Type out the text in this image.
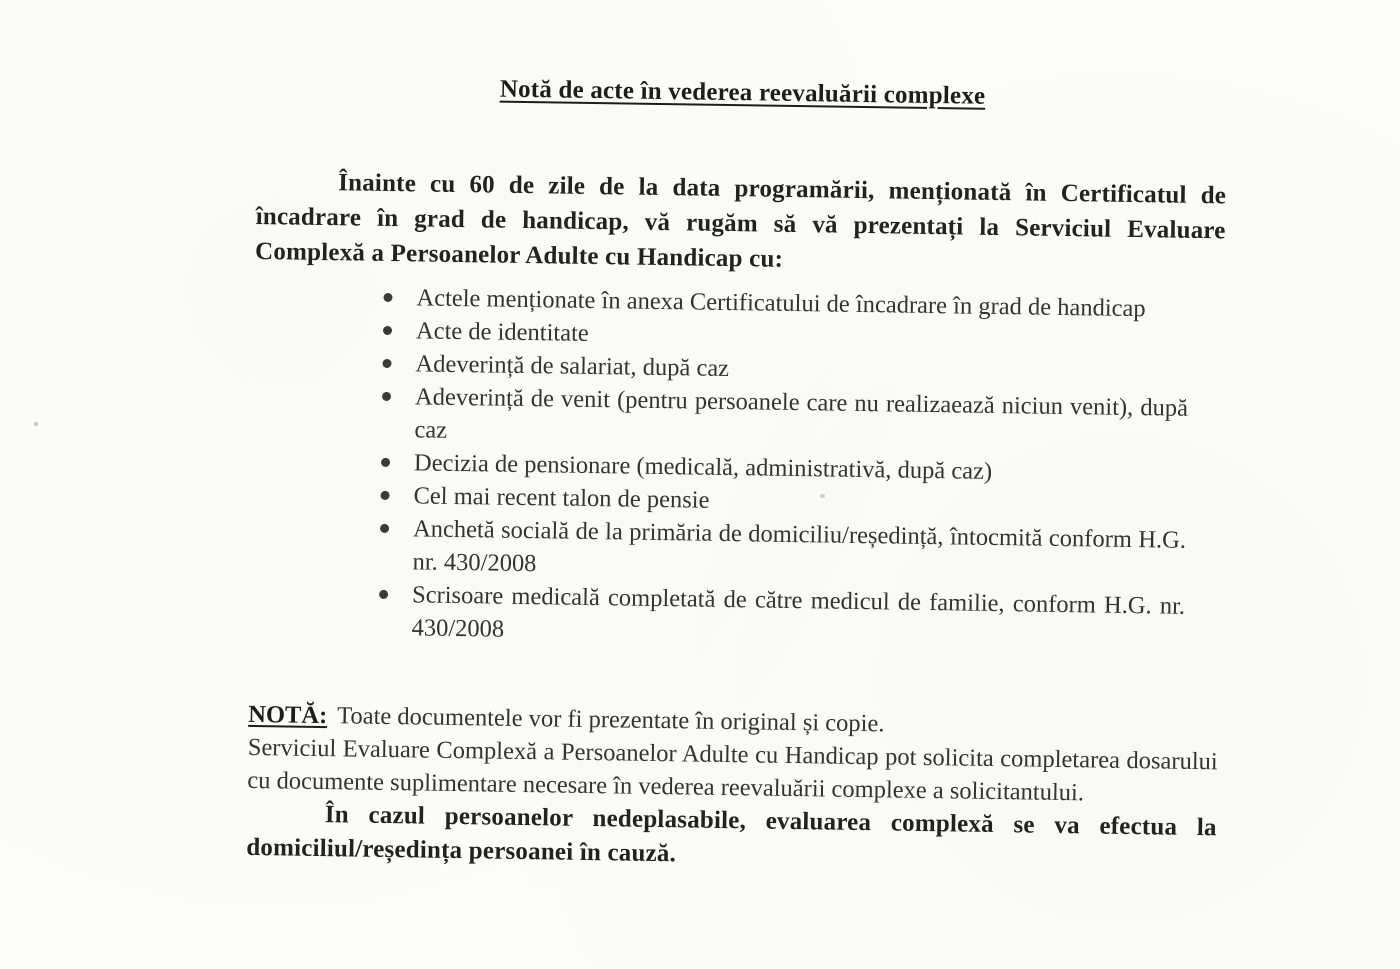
Notă de acte în vederea reevaluării complexe

Înainte cu 60 de zile de la data programării, menționată în Certificatul de încadrare în grad de handicap, vă rugăm să vă prezentați la Serviciul Evaluare Complexă a Persoanelor Adulte cu Handicap cu:

Actele menționate în anexa Certificatului de încadrare în grad de handicap
Acte de identitate
Adeverință de salariat, după caz
Adeverință de venit (pentru persoanele care nu realizaează niciun venit), după caz
Decizia de pensionare (medicală, administrativă, după caz)
Cel mai recent talon de pensie
Anchetă socială de la primăria de domiciliu/reședință, întocmită conform H.G. nr. 430/2008
Scrisoare medicală completată de către medicul de familie, conform H.G. nr. 430/2008

NOTĂ: Toate documentele vor fi prezentate în original și copie.

Serviciul Evaluare Complexă a Persoanelor Adulte cu Handicap pot solicita completarea dosarului cu documente suplimentare necesare în vederea reevaluării complexe a solicitantului.

În cazul persoanelor nedeplasabile, evaluarea complexă se va efectua la domiciliul/reședința persoanei în cauză.
